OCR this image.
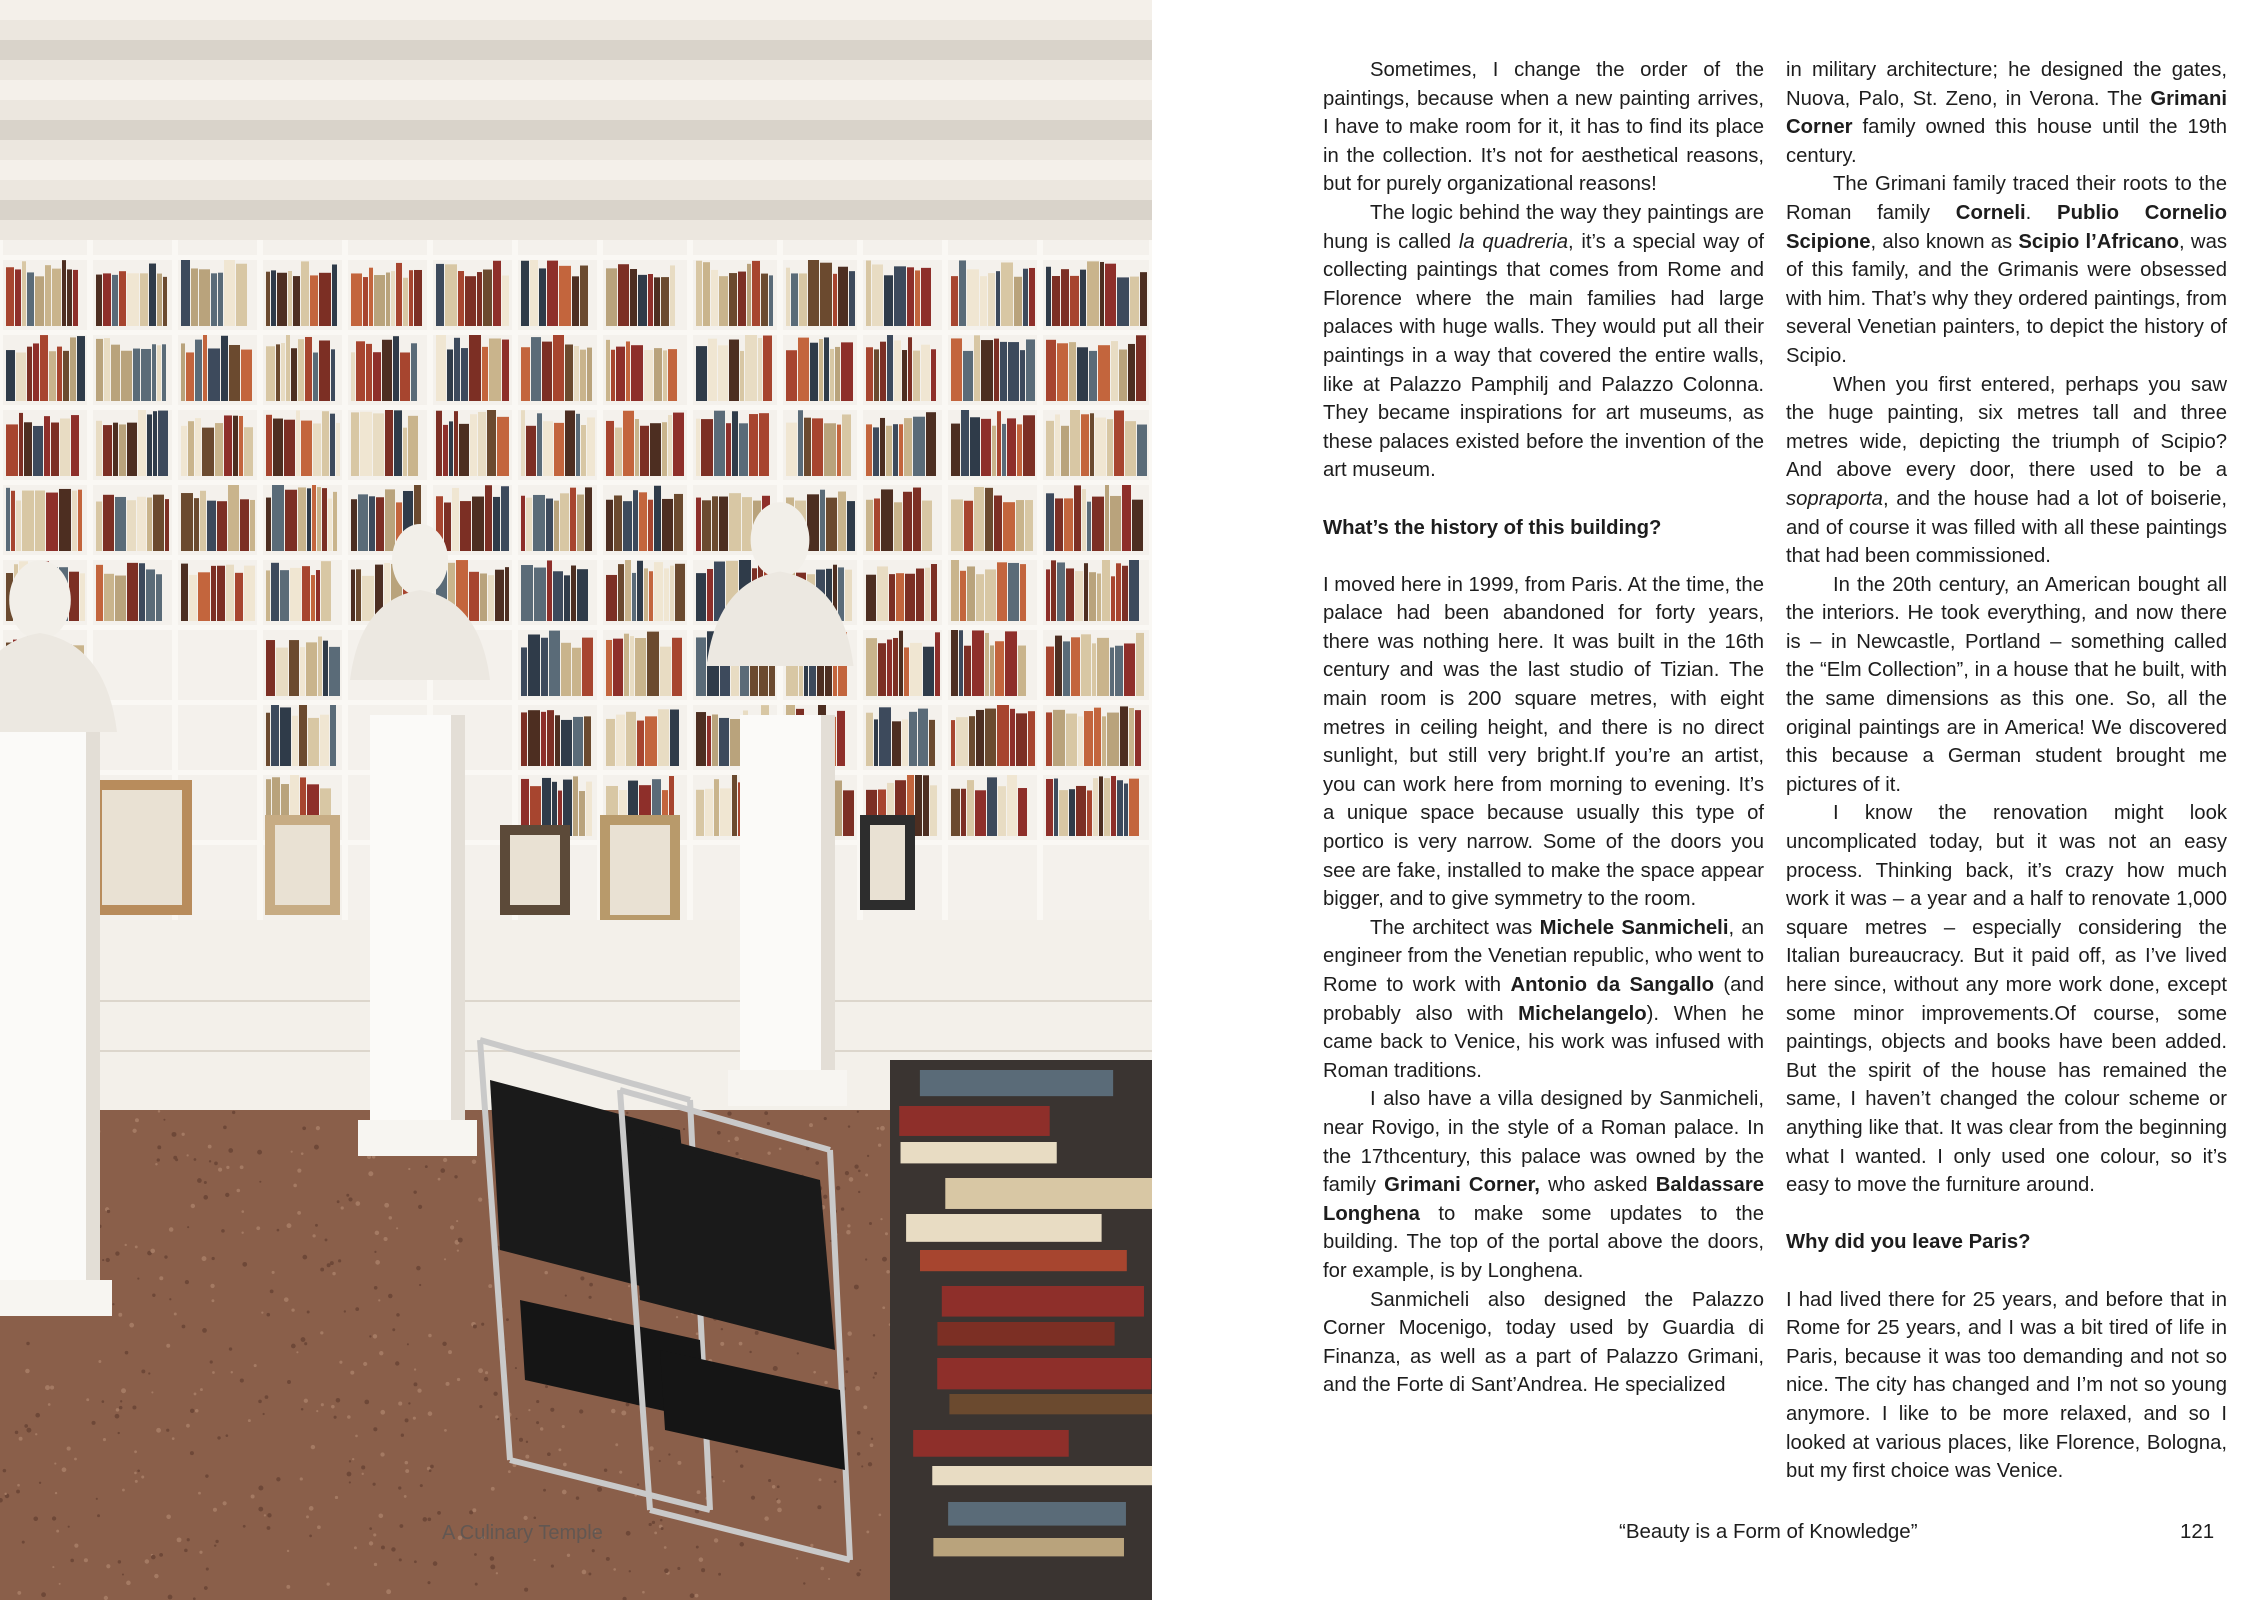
A Culinary Temple

Sometimes, I change the order of the paintings, because when a new painting arrives, I have to make room for it, it has to find its place in the collection. It’s not for aesthetical reasons, but for purely organizational reasons!

The logic behind the way they paintings are hung is called la quadreria, it’s a special way of collecting paintings that comes from Rome and Florence where the main families had large palaces with huge walls. They would put all their paintings in a way that covered the entire walls, like at Palazzo Pamphilj and Palazzo Colonna. They became inspirations for art museums, as these palaces existed before the invention of the art museum.

What’s the history of this building?

I moved here in 1999, from Paris. At the time, the palace had been abandoned for forty years, there was nothing here. It was built in the 16th century and was the last studio of Tizian. The main room is 200 square metres, with eight metres in ceiling height, and there is no direct sunlight, but still very bright.If you’re an artist, you can work here from morning to evening. It’s a unique space because usually this type of portico is very narrow. Some of the doors you see are fake, installed to make the space appear bigger, and to give symmetry to the room.

The architect was Michele Sanmicheli, an engineer from the Venetian republic, who went to Rome to work with Antonio da Sangallo (and probably also with Michelangelo). When he came back to Venice, his work was infused with Roman traditions.

I also have a villa designed by Sanmicheli, near Rovigo, in the style of a Roman palace. In the 17thcentury, this palace was owned by the family Grimani Corner, who asked Baldassare Longhena to make some updates to the building. The top of the portal above the doors, for example, is by Longhena.

Sanmicheli also designed the Palazzo Corner Mocenigo, today used by Guardia di Finanza, as well as a part of Palazzo Grimani, and the Forte di Sant’Andrea. He specialized

in military architecture; he designed the gates, Nuova, Palo, St. Zeno, in Verona. The Grimani Corner family owned this house until the 19th century.

The Grimani family traced their roots to the Roman family Corneli. Publio Cornelio Scipione, also known as Scipio l’Africano, was of this family, and the Grimanis were obsessed with him. That’s why they ordered paintings, from several Venetian painters, to depict the history of Scipio.

When you first entered, perhaps you saw the huge painting, six metres tall and three metres wide, depicting the triumph of Scipio? And above every door, there used to be a sopraporta, and the house had a lot of boiserie, and of course it was filled with all these paintings that had been commissioned.

In the 20th century, an American bought all the interiors. He took everything, and now there is – in Newcastle, Portland – something called the “Elm Collection”, in a house that he built, with the same dimensions as this one. So, all the original paintings are in America! We discovered this because a German student brought me pictures of it.

I know the renovation might look uncomplicated today, but it was not an easy process. Thinking back, it’s crazy how much work it was – a year and a half to renovate 1,000 square metres – especially considering the Italian bureaucracy. But it paid off, as I’ve lived here since, without any more work done, except some minor improvements.Of course, some paintings, objects and books have been added. But the spirit of the house has remained the same, I haven’t changed the colour scheme or anything like that. It was clear from the beginning what I wanted. I only used one colour, so it’s easy to move the furniture around.

Why did you leave Paris?

I had lived there for 25 years, and before that in Rome for 25 years, and I was a bit tired of life in Paris, because it was too demanding and not so nice. The city has changed and I’m not so young anymore. I like to be more relaxed, and so I looked at various places, like Florence, Bologna, but my first choice was Venice.

“Beauty is a Form of Knowledge”	121
